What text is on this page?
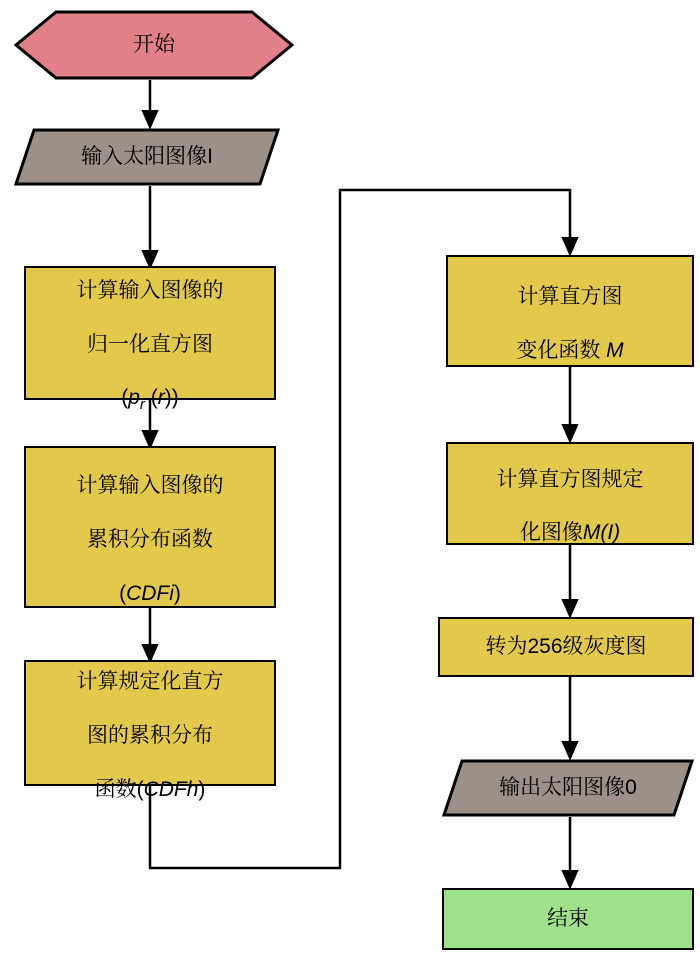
开始
输入太阳图像I

计算输入图像的

归一化直方图

($p_r$ (r))

计算输入图像的

累积分布函数

(CDFi)

计算规定化直方

图的累积分布

函数(CDFh)

计算直方图

变化函数 M

计算直方图规定

化图像M(I)

转为256级灰度图
输出太阳图像0
结束
